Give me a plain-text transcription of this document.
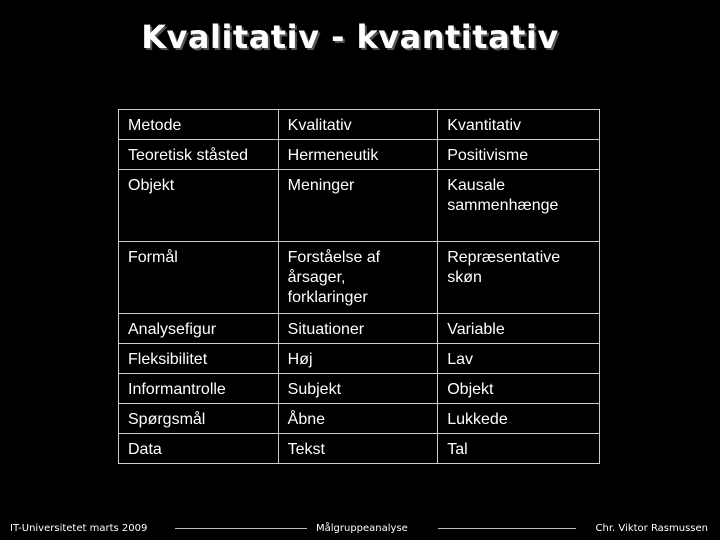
Kvalitativ - kvantitativ
Metode	Kvalitativ	Kvantitativ
Teoretisk ståsted	Hermeneutik	Positivisme
Objekt	Meninger	Kausale sammenhænge
Formål	Forståelse af årsager, forklaringer	Repræsentative skøn
Analysefigur	Situationer	Variable
Fleksibilitet	Høj	Lav
Informantrolle	Subjekt	Objekt
Spørgsmål	Åbne	Lukkede
Data	Tekst	Tal
IT-Universitetet marts 2009	Målgruppeanalyse	Chr. Viktor Rasmussen
